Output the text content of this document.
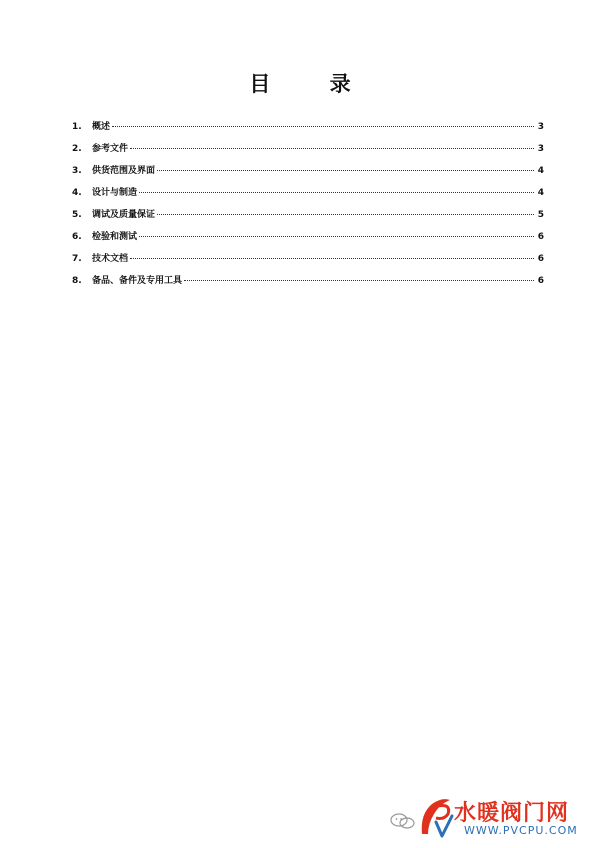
目 录
1.	概述	3
2.	参考文件	3
3.	供货范围及界面	4
4.	设计与制造	4
5.	调试及质量保证	5
6.	检验和测试	6
7.	技术文档	6
8.	备品、备件及专用工具	6
水暖阀门网
WWW.PVCPU.COM
